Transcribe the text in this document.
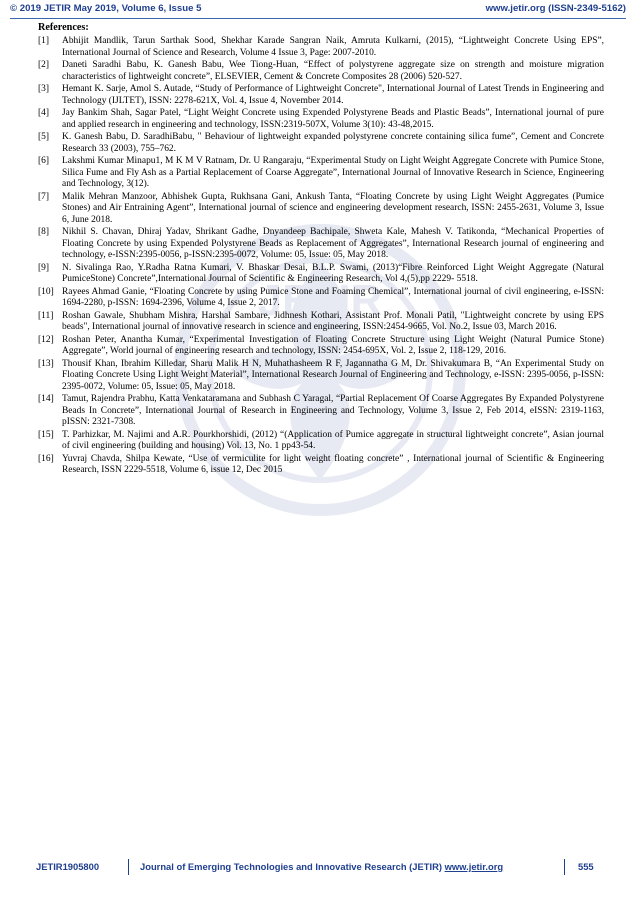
© 2019 JETIR May 2019, Volume 6, Issue 5	www.jetir.org (ISSN-2349-5162)
JETIR
References:
[1]	Abhijit Mandlik, Tarun Sarthak Sood, Shekhar Karade Sangran Naik, Amruta Kulkarni, (2015), “Lightweight Concrete Using EPS”, International Journal of Science and Research, Volume 4 Issue 3, Page: 2007-2010.
[2]	Daneti Saradhi Babu, K. Ganesh Babu, Wee Tiong-Huan, “Effect of polystyrene aggregate size on strength and moisture migration characteristics of lightweight concrete”, ELSEVIER, Cement & Concrete Composites 28 (2006) 520-527.
[3]	Hemant K. Sarje, Amol S. Autade, “Study of Performance of Lightweight Concrete", International Journal of Latest Trends in Engineering and Technology (IJLTET), ISSN: 2278-621X, Vol. 4, Issue 4, November 2014.
[4]	Jay Bankim Shah, Sagar Patel, “Light Weight Concrete using Expended Polystyrene Beads and Plastic Beads”, International journal of pure and applied research in engineering and technology, ISSN:2319-507X, Volume 3(10): 43-48,2015.
[5]	K. Ganesh Babu, D. SaradhiBabu, " Behaviour of lightweight expanded polystyrene concrete containing silica fume”, Cement and Concrete Research 33 (2003), 755–762.
[6]	Lakshmi Kumar Minapu1, M K M V Ratnam, Dr. U Rangaraju, “Experimental Study on Light Weight Aggregate Concrete with Pumice Stone, Silica Fume and Fly Ash as a Partial Replacement of Coarse Aggregate”, International Journal of Innovative Research in Science, Engineering and Technology, 3(12).
[7]	Malik Mehran Manzoor, Abhishek Gupta, Rukhsana Gani, Ankush Tanta, “Floating Concrete by using Light Weight Aggregates (Pumice Stones) and Air Entraining Agent”, International journal of science and engineering development research, ISSN: 2455-2631, Volume 3, Issue 6, June 2018.
[8]	Nikhil S. Chavan, Dhiraj Yadav, Shrikant Gadhe, Dnyandeep Bachipale, Shweta Kale, Mahesh V. Tatikonda, “Mechanical Properties of Floating Concrete by using Expended Polystyrene Beads as Replacement of Aggregates”, International Research journal of engineering and technology, e-ISSN:2395-0056, p-ISSN:2395-0072, Volume: 05, Issue: 05, May 2018.
[9]	N. Sivalinga Rao, Y.Radha Ratna Kumari, V. Bhaskar Desai, B.L.P. Swami, (2013)“Fibre Reinforced Light Weight Aggregate (Natural PumiceStone) Concrete”,International Journal of Scientific & Engineering Research, Vol 4,(5),pp 2229- 5518.
[10] Rayees Ahmad Ganie, “Floating Concrete by using Pumice Stone and Foaming Chemical”, International journal of civil engineering, e-ISSN: 1694-2280, p-ISSN: 1694-2396, Volume 4, Issue 2, 2017.
[11] Roshan Gawale, Shubham Mishra, Harshal Sambare, Jidhnesh Kothari, Assistant Prof. Monali Patil, "Lightweight concrete by using EPS beads", International journal of innovative research in science and engineering, ISSN:2454-9665, Vol. No.2, Issue 03, March 2016.
[12] Roshan Peter, Anantha Kumar, “Experimental Investigation of Floating Concrete Structure using Light Weight (Natural Pumice Stone) Aggregate”, World journal of engineering research and technology, ISSN: 2454-695X, Vol. 2, Issue 2, 118-129, 2016.
[13] Thousif Khan, Ibrahim Killedar, Sharu Malik H N, Muhathasheem R F, Jagannatha G M, Dr. Shivakumara B, “An Experimental Study on Floating Concrete Using Light Weight Material”, International Research Journal of Engineering and Technology, e-ISSN: 2395-0056, p-ISSN: 2395-0072, Volume: 05, Issue: 05, May 2018.
[14] Tamut, Rajendra Prabhu, Katta Venkataramana and Subhash C Yaragal, “Partial Replacement Of Coarse Aggregates By Expanded Polystyrene Beads In Concrete”, International Journal of Research in Engineering and Technology, Volume 3, Issue 2, Feb 2014, eISSN: 2319-1163, pISSN: 2321-7308.
[15] T. Parhizkar, M. Najimi and A.R. Pourkhorshidi, (2012) “(Application of Pumice aggregate in structural lightweight concrete”, Asian journal of civil engineering (building and housing) Vol. 13, No. 1 pp43-54.
[16] Yuvraj Chavda, Shilpa Kewate, “Use of vermiculite for light weight floating concrete” , International journal of Scientific & Engineering Research, ISSN 2229-5518, Volume 6, issue 12, Dec 2015
JETIR1905800	Journal of Emerging Technologies and Innovative Research (JETIR) www.jetir.org	555
